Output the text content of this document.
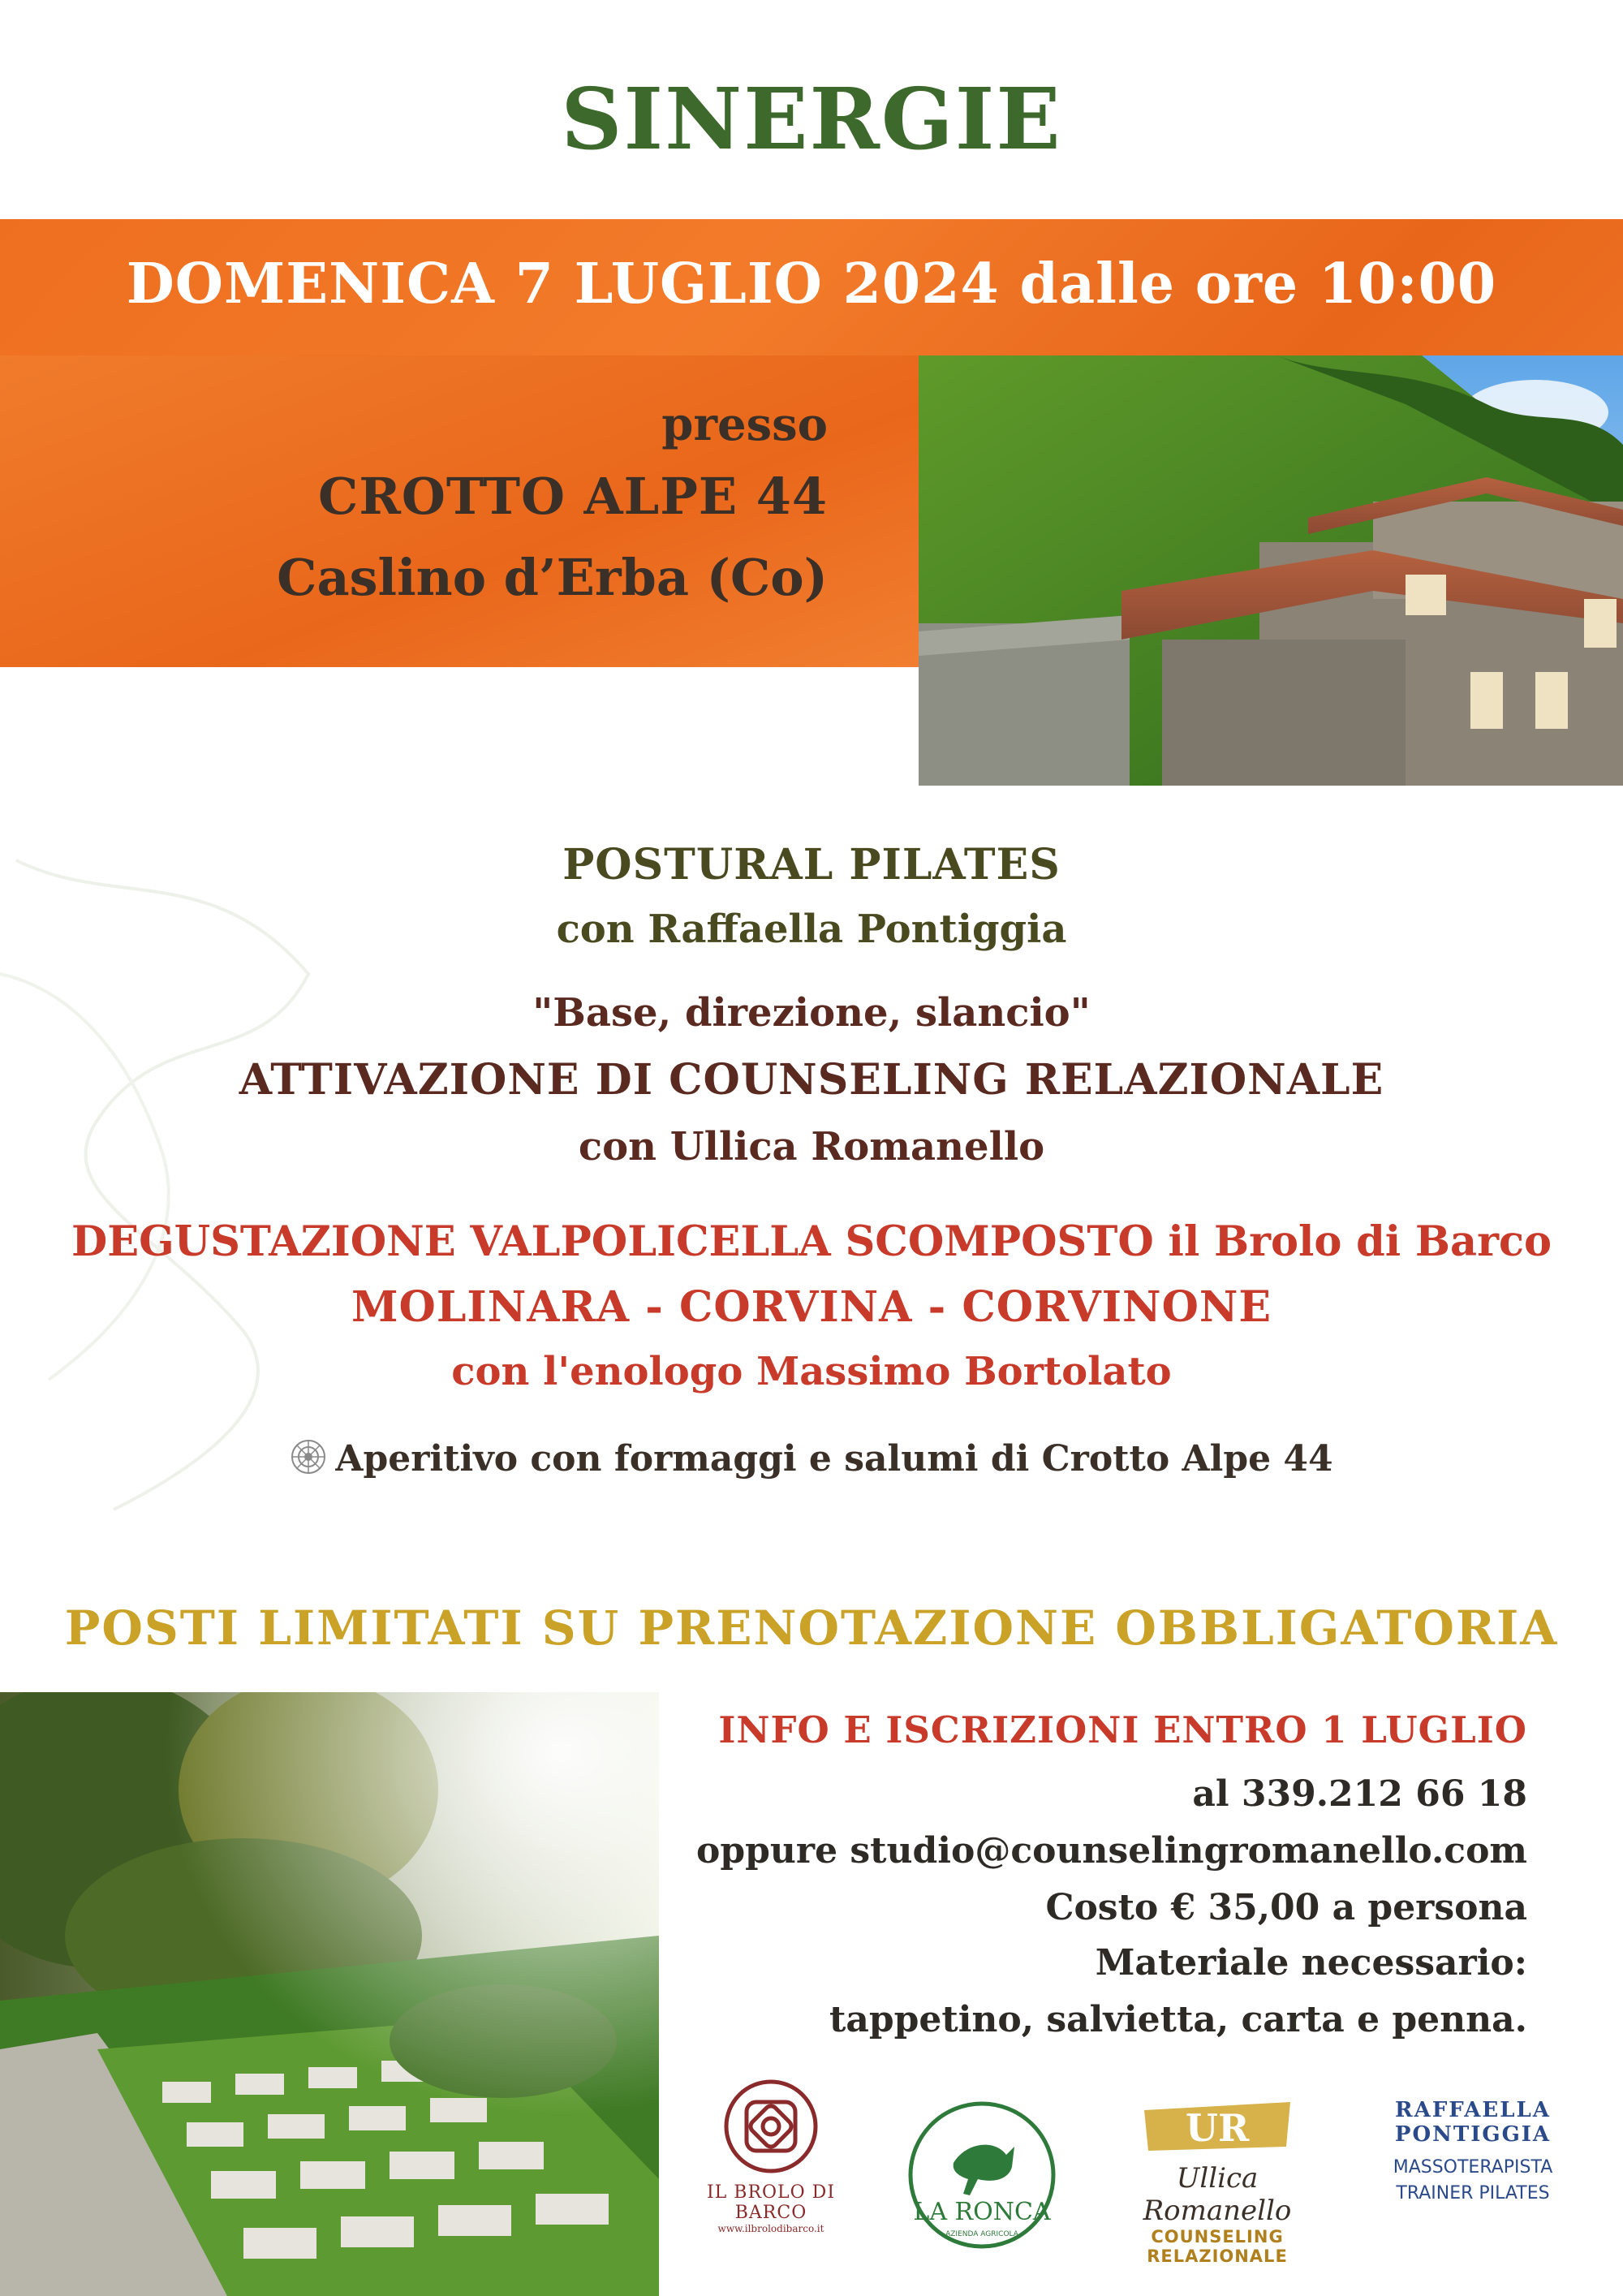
SINERGIE
DOMENICA 7 LUGLIO 2024 dalle ore 10:00
presso
CROTTO ALPE 44
Caslino d’Erba (Co)
POSTURAL PILATES
con Raffaella Pontiggia
"Base, direzione, slancio"
ATTIVAZIONE DI COUNSELING RELAZIONALE
con Ullica Romanello
DEGUSTAZIONE VALPOLICELLA SCOMPOSTO il Brolo di Barco
MOLINARA - CORVINA - CORVINONE
con l'enologo Massimo Bortolato
Aperitivo con formaggi e salumi di Crotto Alpe 44
POSTI LIMITATI SU PRENOTAZIONE OBBLIGATORIA
INFO E ISCRIZIONI ENTRO 1 LUGLIO
al 339.212 66 18
oppure studio@counselingromanello.com
Costo € 35,00 a persona
Materiale necessario:
tappetino, salvietta, carta e penna.
IL BROLO DI BARCO
www.ilbrolodibarco.it
LA RONCA
AZIENDA AGRICOLA
UR
Ullica Romanello
COUNSELING RELAZIONALE
RAFFAELLA
PONTIGGIA
MASSOTERAPISTA
TRAINER PILATES
